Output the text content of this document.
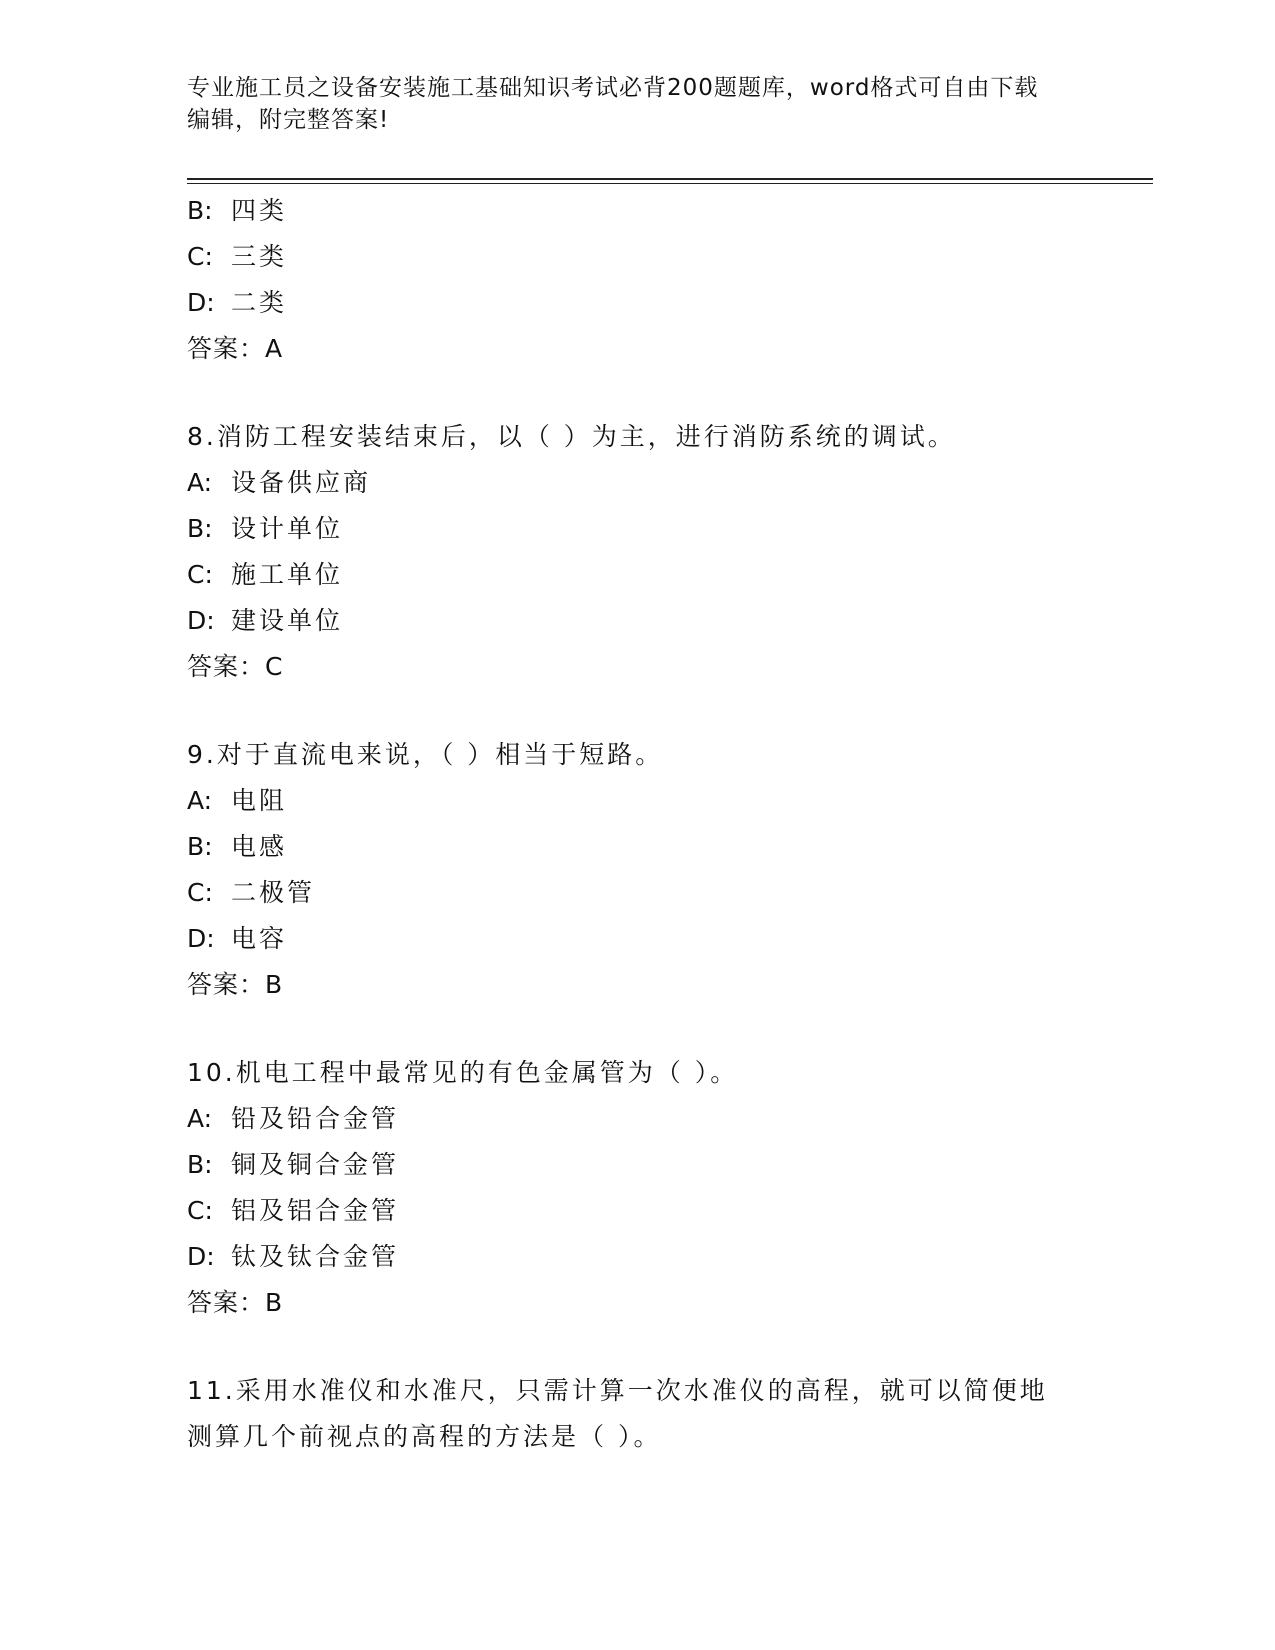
专业施工员之设备安装施工基础知识考试必背200题题库，word格式可自由下载
编辑，附完整答案!
B: 四类
C: 三类
D: 二类
答案：A
8.消防工程安装结束后，以（ ）为主，进行消防系统的调试。
A: 设备供应商
B: 设计单位
C: 施工单位
D: 建设单位
答案：C
9.对于直流电来说，（ ）相当于短路。
A: 电阻
B: 电感
C: 二极管
D: 电容
答案：B
10.机电工程中最常见的有色金属管为（ ）。
A: 铅及铅合金管
B: 铜及铜合金管
C: 铝及铝合金管
D: 钛及钛合金管
答案：B
11.采用水准仪和水准尺，只需计算一次水准仪的高程，就可以简便地
测算几个前视点的高程的方法是（ ）。
